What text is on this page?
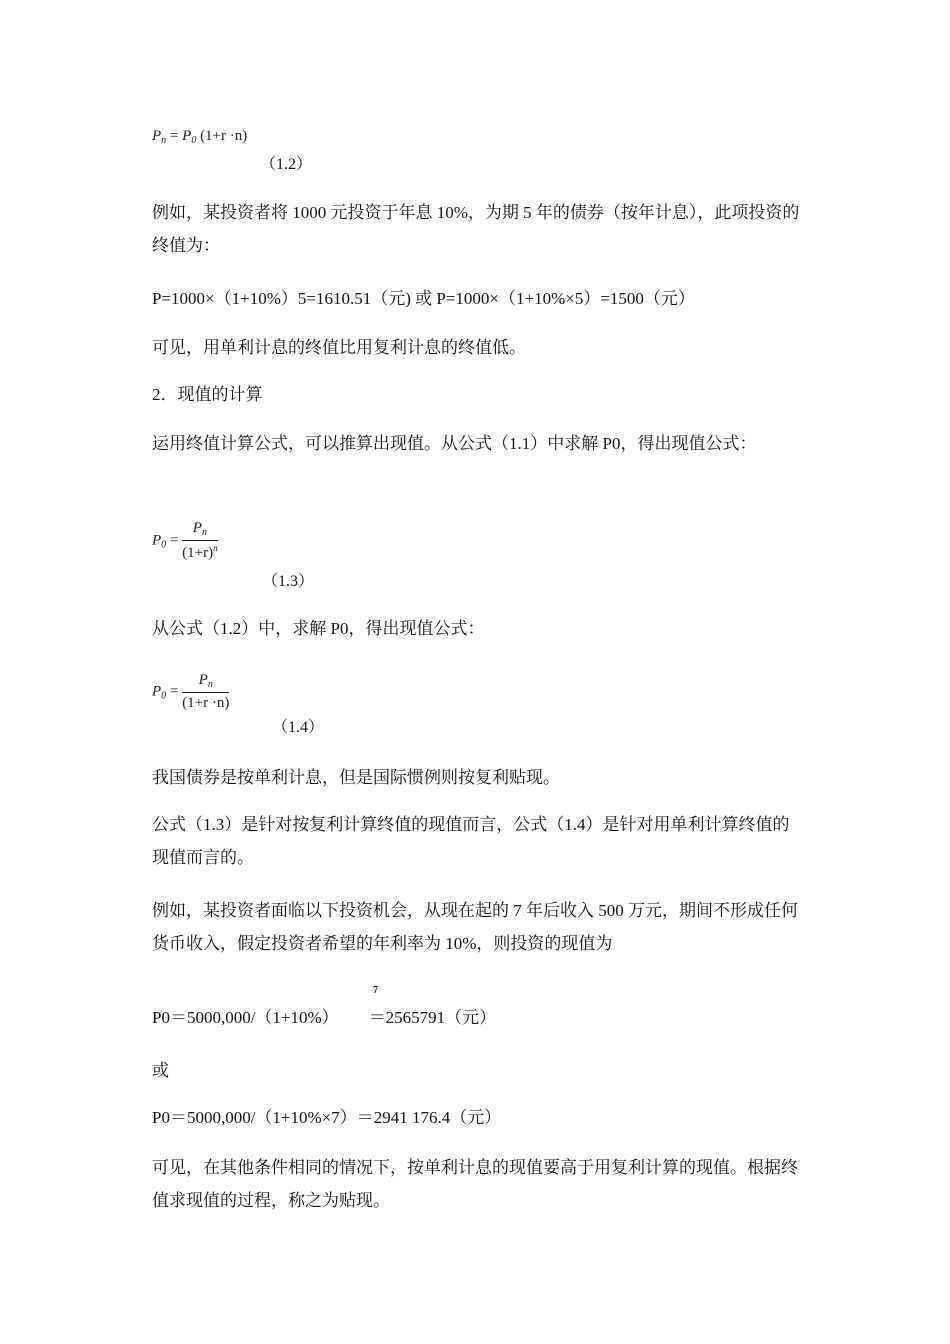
$P_n = P_0$ (1+r ·n)
（1.2）

例如，某投资者将 1000 元投资于年息 10%，为期 5 年的债券（按年计息），此项投资的终值为：

P=1000×（1+10%）5=1610.51（元) 或 P=1000×（1+10%×5）=1500（元）

可见，用单利计息的终值比用复利计息的终值低。

2．现值的计算

运用终值计算公式，可以推算出现值。从公式（1.1）中求解 P0，得出现值公式：

$P_0 = \frac{P_n}{(1+r)^n}$
（1.3）

从公式（1.2）中，求解 P0，得出现值公式：

$P_0 = \frac{P_n}{(1+r \cdot n)}$
（1.4）

我国债券是按单利计息，但是国际惯例则按复利贴现。

公式（1.3）是针对按复利计算终值的现值而言，公式（1.4）是针对用单利计算终值的现值而言的。

例如，某投资者面临以下投资机会，从现在起的 7 年后收入 500 万元，期间不形成任何货币收入，假定投资者希望的年利率为 10%，则投资的现值为

7

P0＝5000,000/（1+10%） ＝2565791（元）

或

P0＝5000,000/（1+10%×7）＝2941 176.4（元）

可见，在其他条件相同的情况下，按单利计息的现值要高于用复利计算的现值。根据终值求现值的过程，称之为贴现。
